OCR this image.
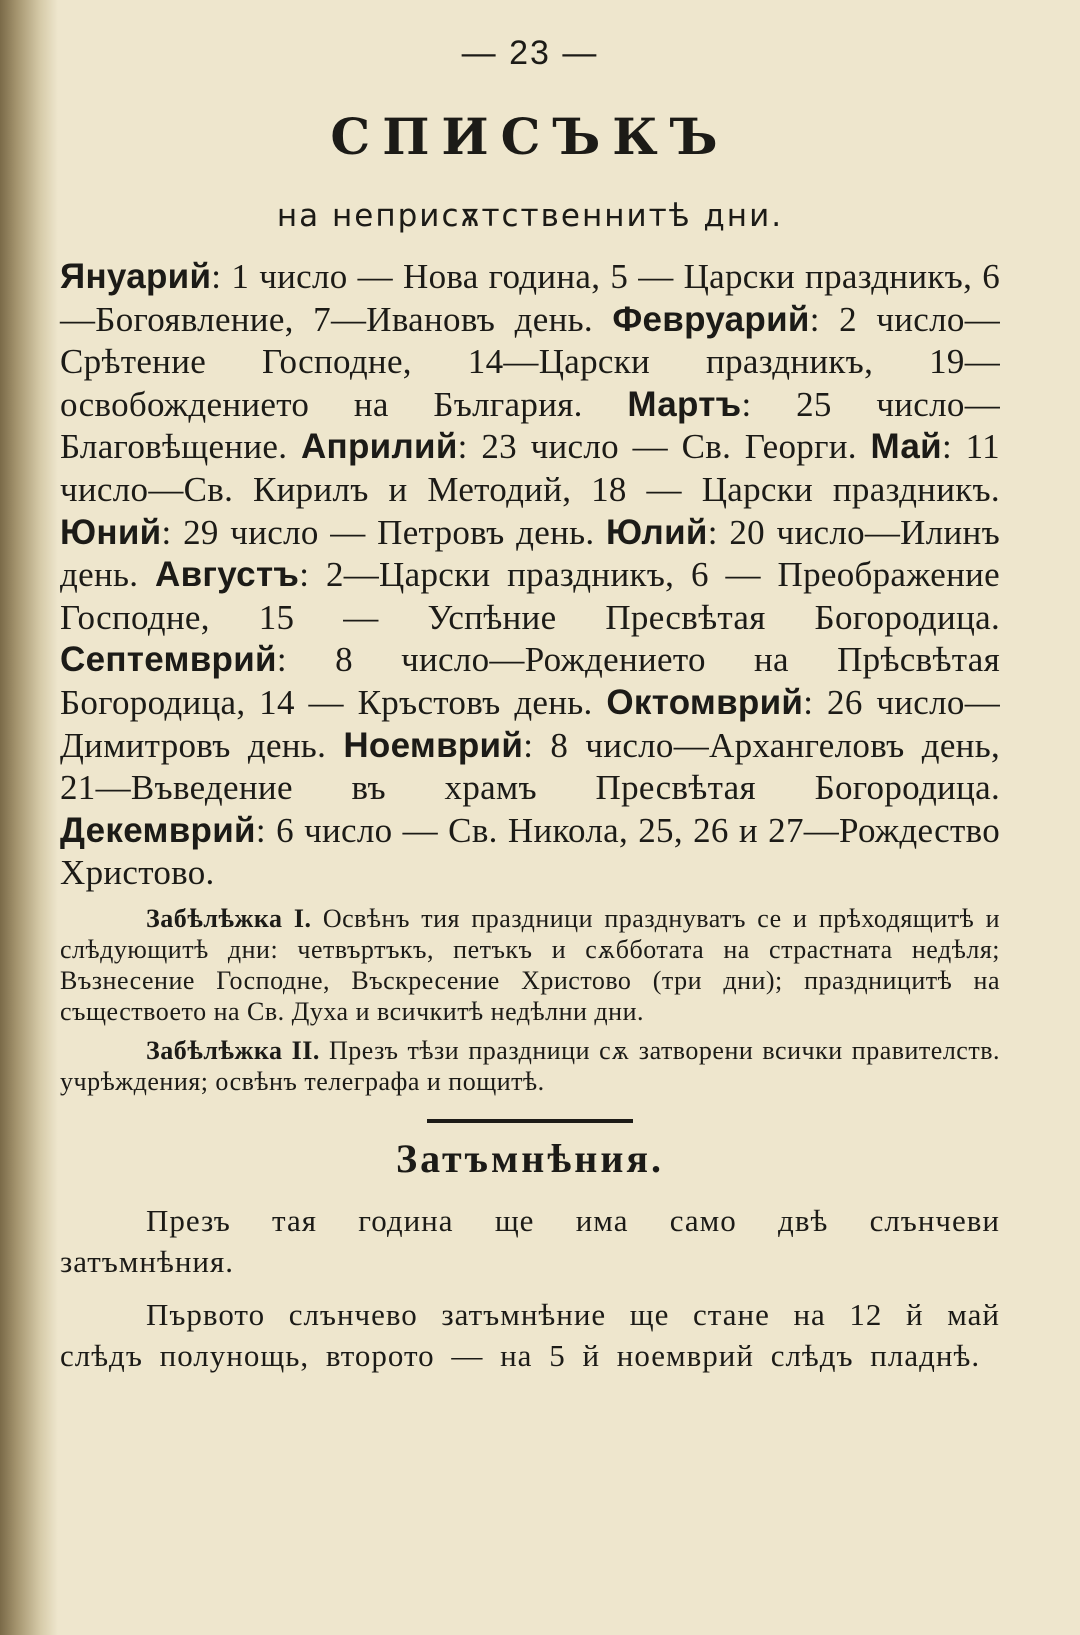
— 23 —
СПИСЪКЪ
на неприсѫтственнитѣ дни.
Януарий: 1 число — Нова година, 5 — Царски праздникъ, 6—Богоявление, 7—Ивановъ день. Февруарий: 2 число—Срѣтение Господне, 14—Царски праздникъ, 19—освобождението на България. Мартъ: 25 число—Благовѣщение. Априлий: 23 число — Св. Георги. Май: 11 число—Св. Кирилъ и Методий, 18 — Царски праздникъ. Юний: 29 число — Петровъ день. Юлий: 20 число—Илинъ день. Августъ: 2—Царски праздникъ, 6 — Преображение Господне, 15 — Успѣние Пресвѣтая Богородица. Септемврий: 8 число—Рождението на Прѣсвѣтая Богородица, 14 — Кръстовъ день. Октомврий: 26 число—Димитровъ день. Ноемврий: 8 число—Архангеловъ день, 21—Въведение въ храмъ Пресвѣтая Богородица. Декемврий: 6 число — Св. Никола, 25, 26 и 27—Рождество Христово.
Забѣлѣжка I. Освѣнъ тия праздници празднуватъ се и прѣходящитѣ и слѣдующитѣ дни: четвъртъкъ, петъкъ и сѫбботата на страстната недѣля; Възнесение Господне, Въскресение Христово (три дни); праздницитѣ на съществоето на Св. Духа и всичкитѣ недѣлни дни.
Забѣлѣжка II. Презъ тѣзи праздници сѫ затворени всички правителств. учрѣждения; освѣнъ телеграфа и пощитѣ.
Затъмнѣния.
Презъ тая година ще има само двѣ слънчеви затъмнѣния.
Първото слънчево затъмнѣние ще стане на 12 й май слѣдъ полунощь, второто — на 5 й ноемврий слѣдъ пладнѣ.
